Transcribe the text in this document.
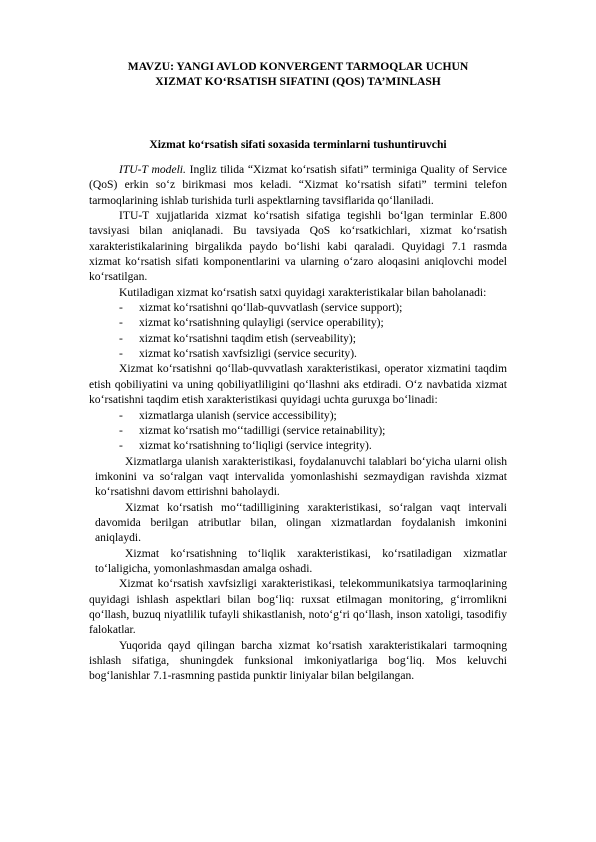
MAVZU: YANGI AVLOD KONVERGENT TARMOQLAR UCHUN
XIZMAT KO‘RSATISH SIFATINI (QOS) TA’MINLASH
Xizmat ko‘rsatish sifati soxasida terminlarni tushuntiruvchi

ITU-T modeli. Ingliz tilida “Xizmat ko‘rsatish sifati” terminiga Quality of Service (QoS) erkin so‘z birikmasi mos keladi. “Xizmat ko‘rsatish sifati” termini telefon tarmoqlarining ishlab turishida turli aspektlarning tavsiflarida qo‘llaniladi.

ITU-T xujjatlarida xizmat ko‘rsatish sifatiga tegishli bo‘lgan terminlar E.800 tavsiyasi bilan aniqlanadi. Bu tavsiyada QoS ko‘rsatkichlari, xizmat ko‘rsatish xarakteristikalarining birgalikda paydo bo‘lishi kabi qaraladi. Quyidagi 7.1 rasmda xizmat ko‘rsatish sifati komponentlarini va ularning o‘zaro aloqasini aniqlovchi model ko‘rsatilgan.

Kutiladigan xizmat ko‘rsatish satxi quyidagi xarakteristikalar bilan baholanadi:

- xizmat ko‘rsatishni qo‘llab-quvvatlash (service support);
- xizmat ko‘rsatishning qulayligi (service operability);
- xizmat ko‘rsatishni taqdim etish (serveability);
- xizmat ko‘rsatish xavfsizligi (service security).

Xizmat ko‘rsatishni qo‘llab-quvvatlash xarakteristikasi, operator xizmatini taqdim etish qobiliyatini va uning qobiliyatliligini qo‘llashni aks etdiradi. O‘z navbatida xizmat ko‘rsatishni taqdim etish xarakteristikasi quyidagi uchta guruxga bo‘linadi:

- xizmatlarga ulanish (service accessibility);
- xizmat ko‘rsatish mo‘‘tadilligi (service retainability);
- xizmat ko‘rsatishning to‘liqligi (service integrity).

Xizmatlarga ulanish xarakteristikasi, foydalanuvchi talablari bo‘yicha ularni olish imkonini va so‘ralgan vaqt intervalida yomonlashishi sezmaydigan ravishda xizmat ko‘rsatishni davom ettirishni baholaydi.

Xizmat ko‘rsatish mo‘‘tadilligining xarakteristikasi, so‘ralgan vaqt intervali davomida berilgan atributlar bilan, olingan xizmatlardan foydalanish imkonini aniqlaydi.

Xizmat ko‘rsatishning to‘liqlik xarakteristikasi, ko‘rsatiladigan xizmatlar to‘laligicha, yomonlashmasdan amalga oshadi.

Xizmat ko‘rsatish xavfsizligi xarakteristikasi, telekommunikatsiya tarmoqlarining quyidagi ishlash aspektlari bilan bog‘liq: ruxsat etilmagan monitoring, g‘irromlikni qo‘llash, buzuq niyatlilik tufayli shikastlanish, noto‘g‘ri qo‘llash, inson xatoligi, tasodifiy falokatlar.

Yuqorida qayd qilingan barcha xizmat ko‘rsatish xarakteristikalari tarmoqning ishlash sifatiga, shuningdek funksional imkoniyatlariga bog‘liq. Mos keluvchi bog‘lanishlar 7.1-rasmning pastida punktir liniyalar bilan belgilangan.
